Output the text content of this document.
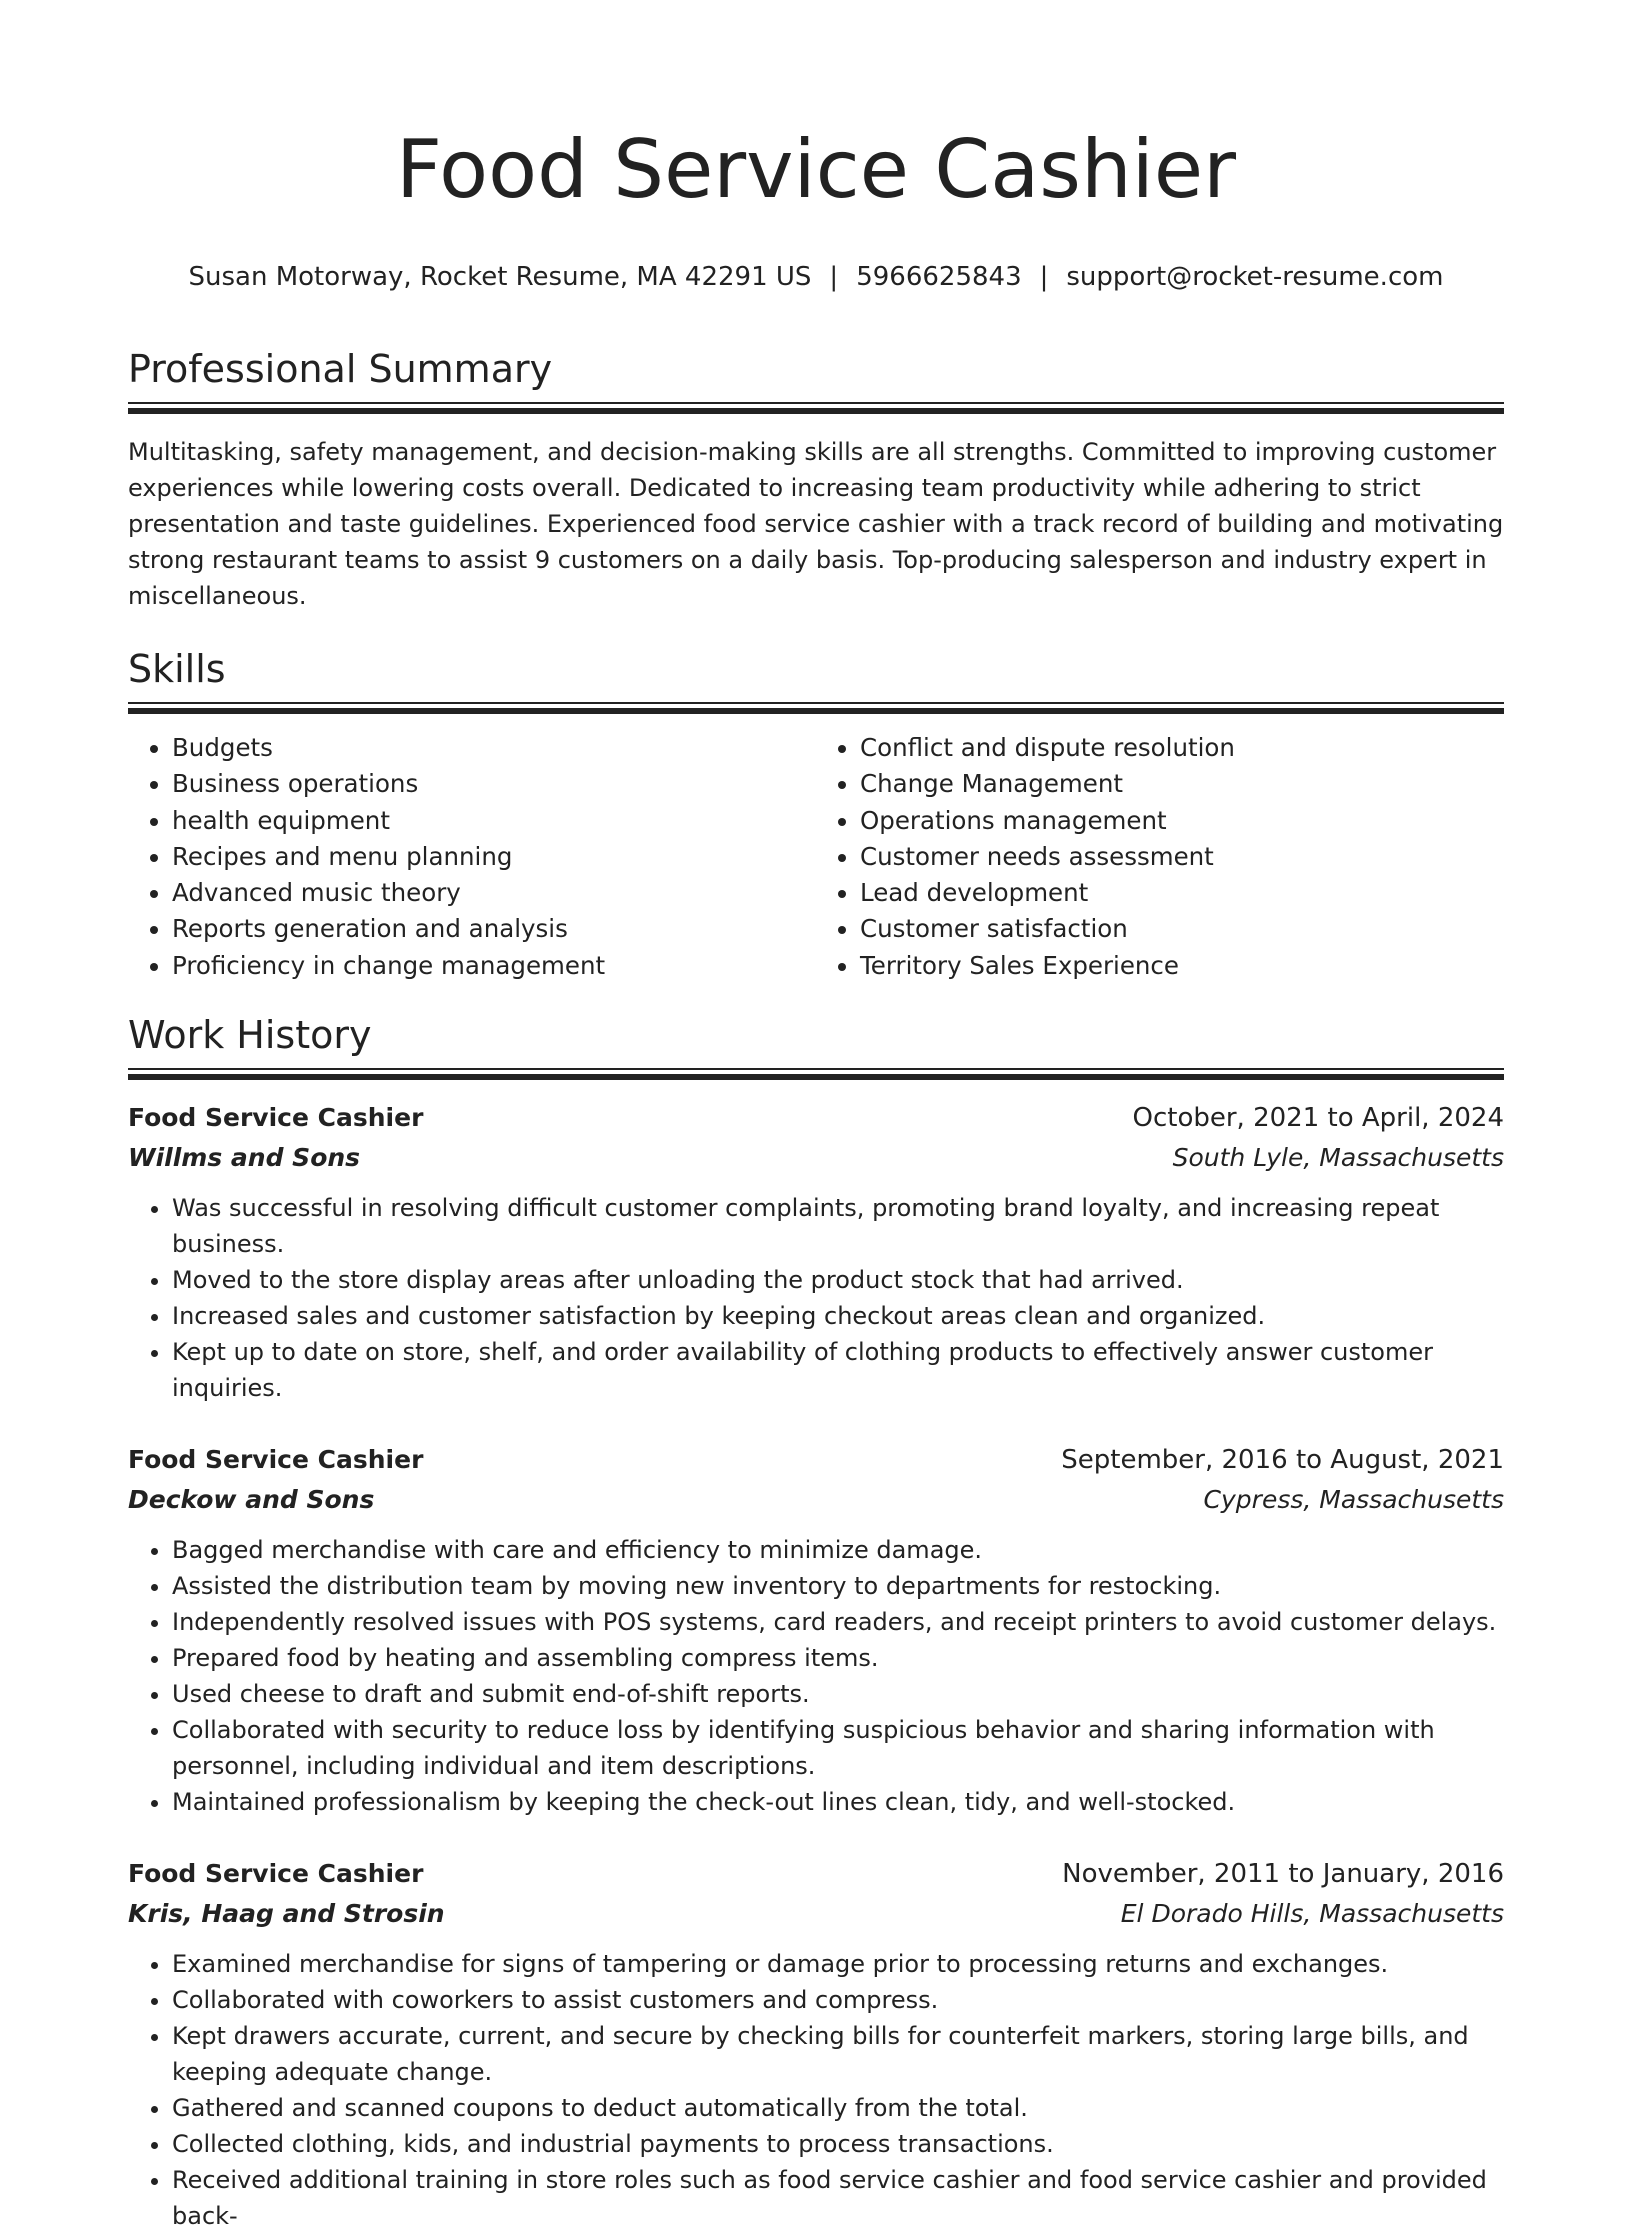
Food Service Cashier
Susan Motorway, Rocket Resume, MA 42291 US | 5966625843 | support@rocket-resume.com
Professional Summary

Multitasking, safety management, and decision-making skills are all strengths. Committed to improving customer experiences while lowering costs overall. Dedicated to increasing team productivity while adhering to strict presentation and taste guidelines. Experienced food service cashier with a track record of building and motivating strong restaurant teams to assist 9 customers on a daily basis. Top-producing salesperson and industry expert in miscellaneous.

Skills
• Budgets
• Business operations
• health equipment
• Recipes and menu planning
• Advanced music theory
• Reports generation and analysis
• Proficiency in change management
• Conflict and dispute resolution
• Change Management
• Operations management
• Customer needs assessment
• Lead development
• Customer satisfaction
• Territory Sales Experience
Work History
Food Service Cashier	October, 2021 to April, 2024
Willms and Sons	South Lyle, Massachusetts
• Was successful in resolving difficult customer complaints, promoting brand loyalty, and increasing repeat business.
• Moved to the store display areas after unloading the product stock that had arrived.
• Increased sales and customer satisfaction by keeping checkout areas clean and organized.
• Kept up to date on store, shelf, and order availability of clothing products to effectively answer customer inquiries.
Food Service Cashier	September, 2016 to August, 2021
Deckow and Sons	Cypress, Massachusetts
• Bagged merchandise with care and efficiency to minimize damage.
• Assisted the distribution team by moving new inventory to departments for restocking.
• Independently resolved issues with POS systems, card readers, and receipt printers to avoid customer delays.
• Prepared food by heating and assembling compress items.
• Used cheese to draft and submit end-of-shift reports.
• Collaborated with security to reduce loss by identifying suspicious behavior and sharing information with personnel, including individual and item descriptions.
• Maintained professionalism by keeping the check-out lines clean, tidy, and well-stocked.
Food Service Cashier	November, 2011 to January, 2016
Kris, Haag and Strosin	El Dorado Hills, Massachusetts
• Examined merchandise for signs of tampering or damage prior to processing returns and exchanges.
• Collaborated with coworkers to assist customers and compress.
• Kept drawers accurate, current, and secure by checking bills for counterfeit markers, storing large bills, and keeping adequate change.
• Gathered and scanned coupons to deduct automatically from the total.
• Collected clothing, kids, and industrial payments to process transactions.
• Received additional training in store roles such as food service cashier and food service cashier and provided back-
